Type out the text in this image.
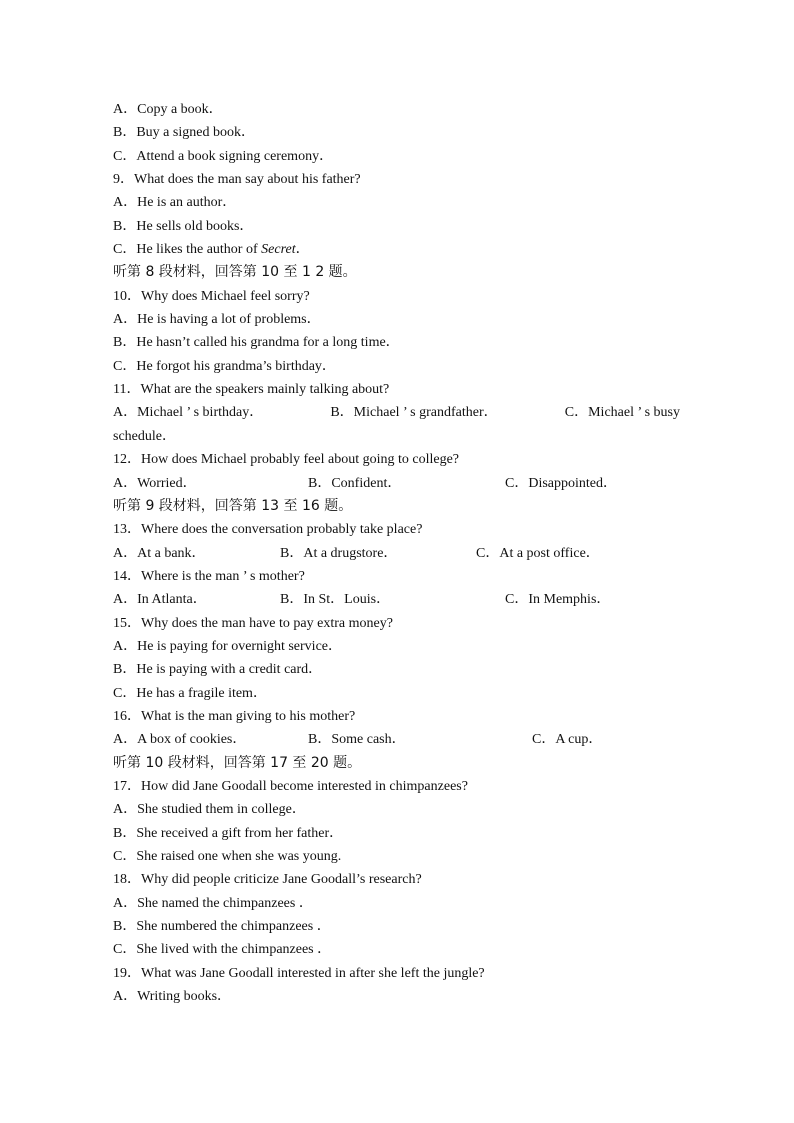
A．Copy a book．
B．Buy a signed book．
C．Attend a book signing ceremony．
9．What does the man say about his father?
A．He is an author．
B．He sells old books．
C．He likes the author of Secret．
听第 8 段材料，回答第 10 至 1 2 题。
10．Why does Michael feel sorry?
A．He is having a lot of problems．
B．He hasn’t called his grandma for a long time．
C．He forgot his grandma’s birthday．
11．What are the speakers mainly talking about?
A．Michael ’ s birthday．	B．Michael ’ s grandfather．	C．Michael ’ s busy
schedule．
12．How does Michael probably feel about going to college?
A．Worried．	B．Confident．	C．Disappointed．
听第 9 段材料，回答第 13 至 16 题。
13．Where does the conversation probably take place?
A．At a bank．	B．At a drugstore．	C．At a post office．
14．Where is the man ’ s mother?
A．In Atlanta．	B．In St．Louis．	C．In Memphis．
15．Why does the man have to pay extra money?
A．He is paying for overnight service．
B．He is paying with a credit card．
C．He has a fragile item．
16．What is the man giving to his mother?
A．A box of cookies．	B．Some cash．	C．A cup．
听第 10 段材料，回答第 17 至 20 题。
17．How did Jane Goodall become interested in chimpanzees?
A．She studied them in college．
B．She received a gift from her father．
C．She raised one when she was young.
18．Why did people criticize Jane Goodall’s research?
A．She named the chimpanzees ．
B．She numbered the chimpanzees ．
C．She lived with the chimpanzees ．
19．What was Jane Goodall interested in after she left the jungle?
A．Writing books．
